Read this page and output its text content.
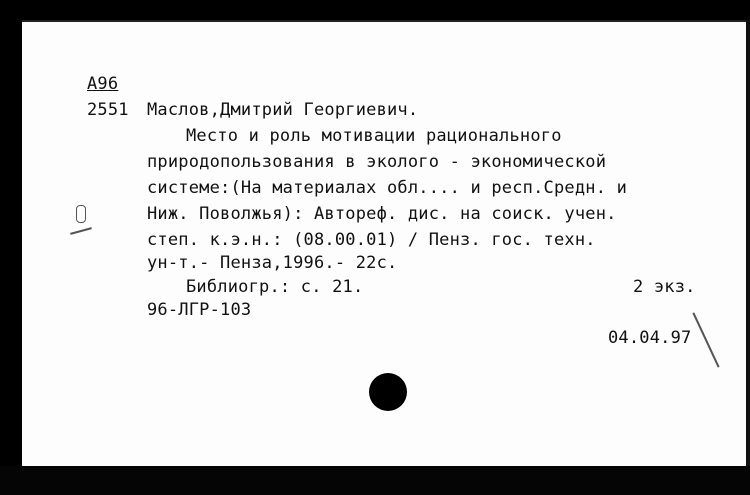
А96
2551 Маслов,Дмитрий Георгиевич.
Место и роль мотивации рационального
природопользования в эколого - экономической
системе:(На материалах обл.... и респ.Средн. и
Ниж. Поволжья): Автореф. дис. на соиск. учен.
степ. к.э.н.: (08.00.01) / Пенз. гос. техн.
ун-т.- Пенза,1996.- 22с.
Библиогр.: с. 21.	2 экз.
96-ЛГР-103
04.04.97
